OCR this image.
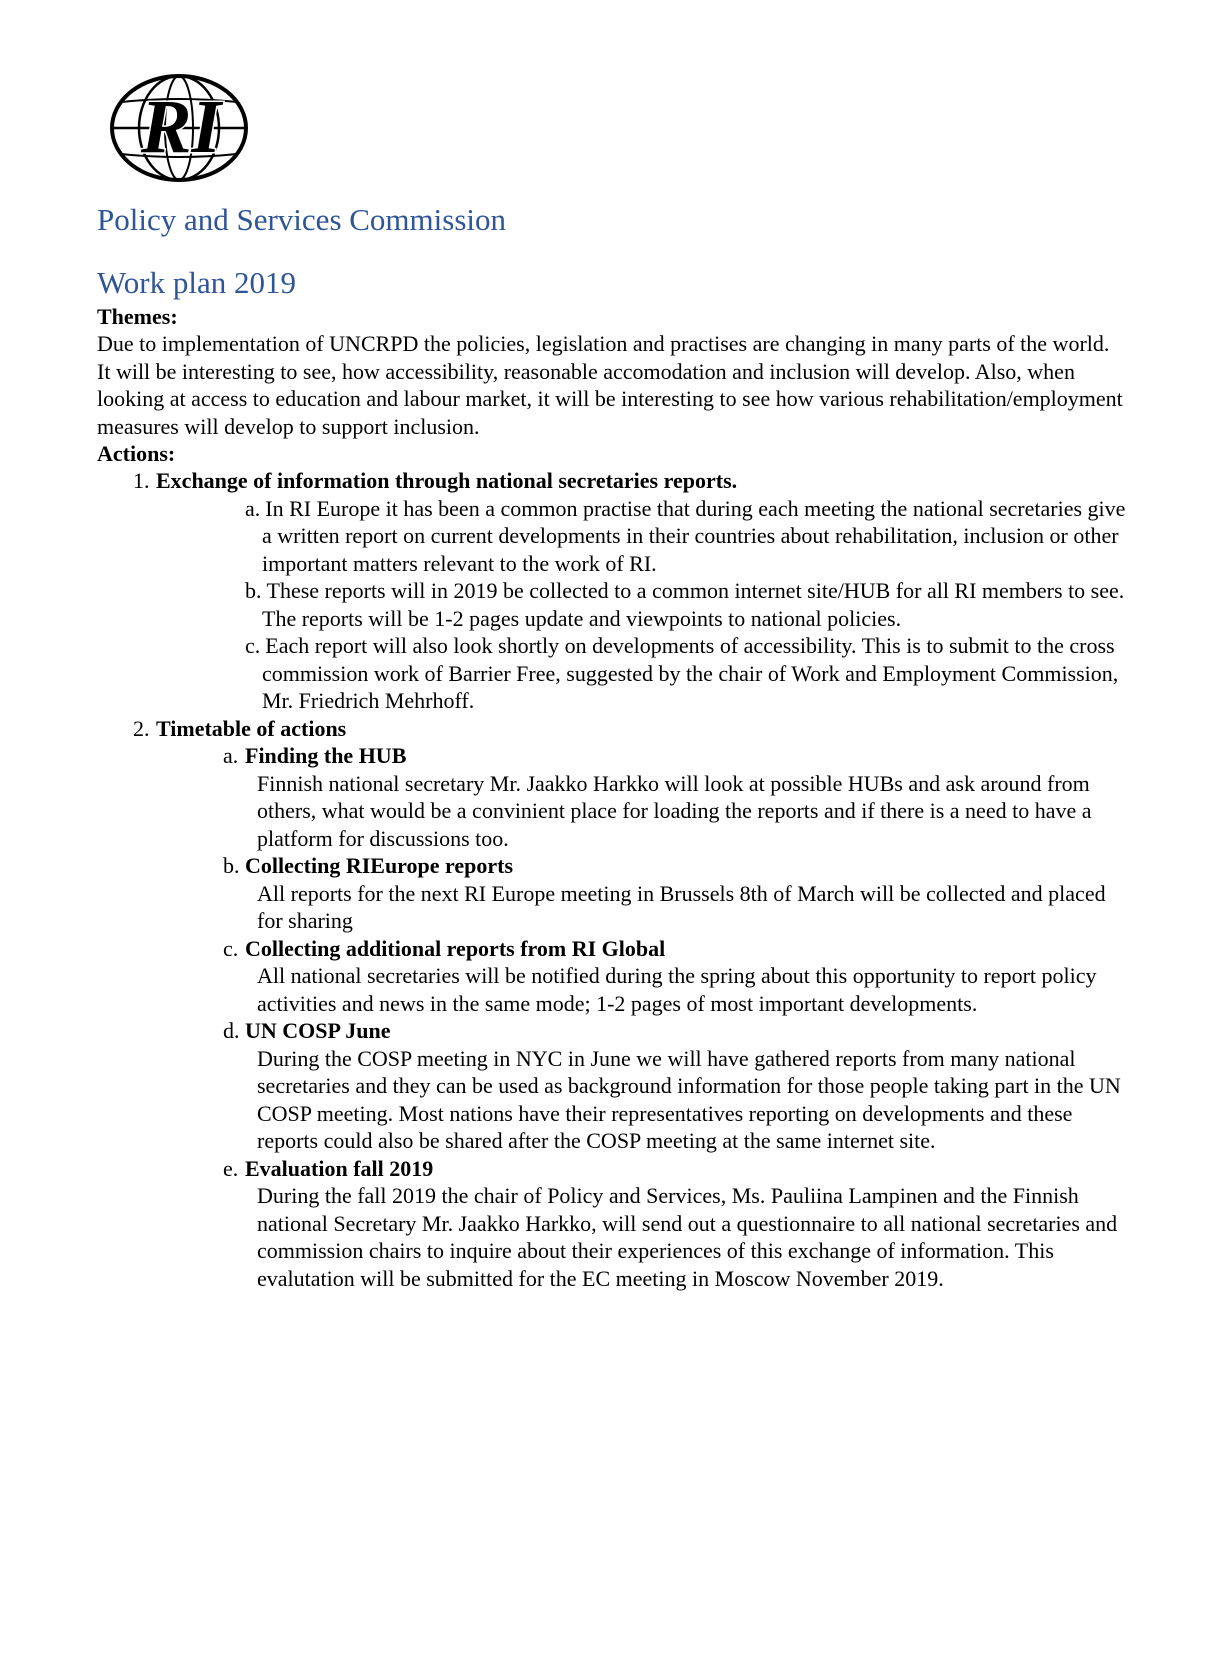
RI
Policy and Services Commission
Work plan 2019

Themes:

Due to implementation of UNCRPD the policies, legislation and practises are changing in many parts of the world. It will be interesting to see, how accessibility, reasonable accomodation and inclusion will develop. Also, when looking at access to education and labour market, it will be interesting to see how various rehabilitation/employment measures will develop to support inclusion.

Actions:

1. Exchange of information through national secretaries reports.
a. In RI Europe it has been a common practise that during each meeting the national secretaries give a written report on current developments in their countries about rehabilitation, inclusion or other important matters relevant to the work of RI.
b. These reports will in 2019 be collected to a common internet site/HUB for all RI members to see. The reports will be 1-2 pages update and viewpoints to national policies.
c. Each report will also look shortly on developments of accessibility. This is to submit to the cross commission work of Barrier Free, suggested by the chair of Work and Employment Commission, Mr. Friedrich Mehrhoff.
2. Timetable of actions
a. Finding the HUB
Finnish national secretary Mr. Jaakko Harkko will look at possible HUBs and ask around from others, what would be a convinient place for loading the reports and if there is a need to have a platform for discussions too.
b. Collecting RIEurope reports
All reports for the next RI Europe meeting in Brussels 8th of March will be collected and placed for sharing
c. Collecting additional reports from RI Global
All national secretaries will be notified during the spring about this opportunity to report policy activities and news in the same mode; 1-2 pages of most important developments.
d. UN COSP June
During the COSP meeting in NYC in June we will have gathered reports from many national secretaries and they can be used as background information for those people taking part in the UN COSP meeting. Most nations have their representatives reporting on developments and these reports could also be shared after the COSP meeting at the same internet site.
e. Evaluation fall 2019
During the fall 2019 the chair of Policy and Services, Ms. Pauliina Lampinen and the Finnish national Secretary Mr. Jaakko Harkko, will send out a questionnaire to all national secretaries and commission chairs to inquire about their experiences of this exchange of information. This evalutation will be submitted for the EC meeting in Moscow November 2019.
